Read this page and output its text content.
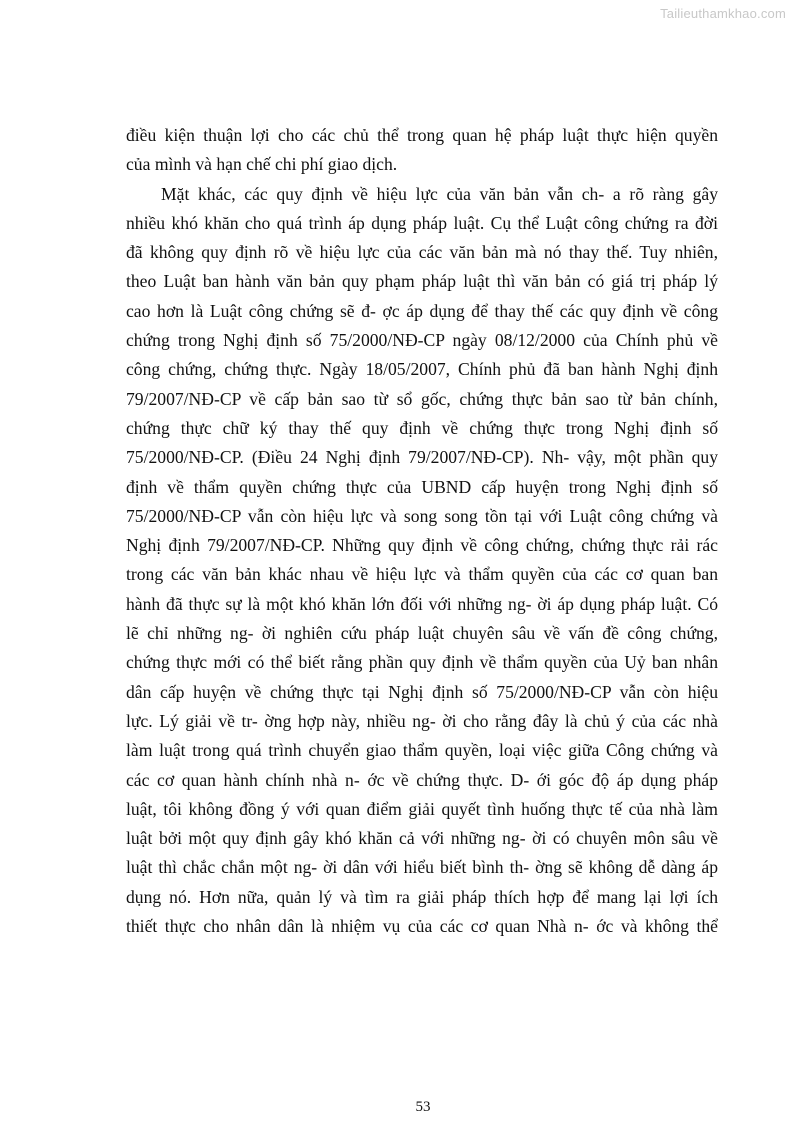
Tailieuthamkhao.com
điều kiện thuận lợi cho các chủ thể trong quan hệ pháp luật thực hiện quyền
của mình và hạn chế chi phí giao dịch.
Mặt khác, các quy định về hiệu lực của văn bản vẫn ch- a rõ ràng gây
nhiều khó khăn cho quá trình áp dụng pháp luật. Cụ thể Luật công chứng ra đời
đã không quy định rõ về hiệu lực của các văn bản mà nó thay thế. Tuy nhiên,
theo Luật ban hành văn bản quy phạm pháp luật thì văn bản có giá trị pháp lý
cao hơn là Luật công chứng sẽ đ- ợc áp dụng để thay thế các quy định về công
chứng trong Nghị định số 75/2000/NĐ-CP ngày 08/12/2000 của Chính phủ về
công chứng, chứng thực. Ngày 18/05/2007, Chính phủ đã ban hành Nghị định
79/2007/NĐ-CP về cấp bản sao từ sổ gốc, chứng thực bản sao từ bản chính,
chứng thực chữ ký thay thế quy định về chứng thực trong Nghị định số
75/2000/NĐ-CP. (Điều 24 Nghị định 79/2007/NĐ-CP). Nh- vậy, một phần quy
định về thẩm quyền chứng thực của UBND cấp huyện trong Nghị định số
75/2000/NĐ-CP vẫn còn hiệu lực và song song tồn tại với Luật công chứng và
Nghị định 79/2007/NĐ-CP. Những quy định về công chứng, chứng thực rải rác
trong các văn bản khác nhau về hiệu lực và thẩm quyền của các cơ quan ban
hành đã thực sự là một khó khăn lớn đối với những ng- ời áp dụng pháp luật. Có
lẽ chỉ những ng- ời nghiên cứu pháp luật chuyên sâu về vấn đề công chứng,
chứng thực mới có thể biết rằng phần quy định về thẩm quyền của Uỷ ban nhân
dân cấp huyện về chứng thực tại Nghị định số 75/2000/NĐ-CP vẫn còn hiệu
lực. Lý giải về tr- ờng hợp này, nhiều ng- ời cho rằng đây là chủ ý của các nhà
làm luật trong quá trình chuyển giao thẩm quyền, loại việc giữa Công chứng và
các cơ quan hành chính nhà n- ớc về chứng thực. D- ới góc độ áp dụng pháp
luật, tôi không đồng ý với quan điểm giải quyết tình huống thực tế của nhà làm
luật bởi một quy định gây khó khăn cả với những ng- ời có chuyên môn sâu về
luật thì chắc chắn một ng- ời dân với hiểu biết bình th- ờng sẽ không dễ dàng áp
dụng nó. Hơn nữa, quản lý và tìm ra giải pháp thích hợp để mang lại lợi ích
thiết thực cho nhân dân là nhiệm vụ của các cơ quan Nhà n- ớc và không thể
53
